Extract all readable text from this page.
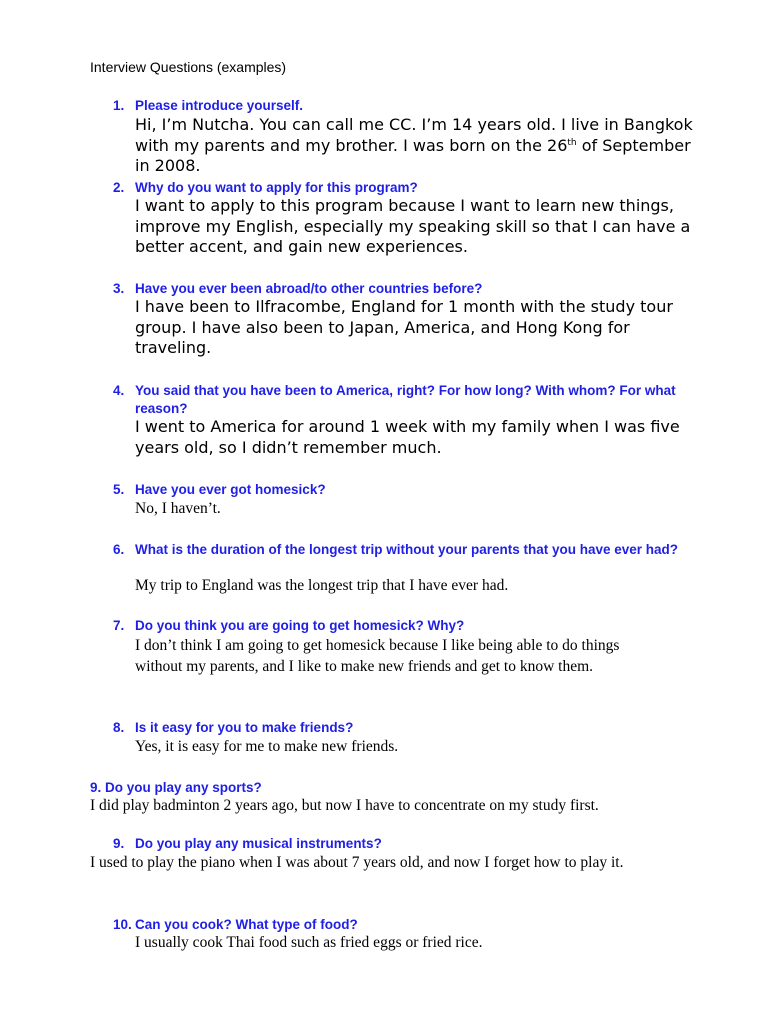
Interview Questions (examples)
1. Please introduce yourself.
Hi, I’m Nutcha. You can call me CC. I’m 14 years old. I live in Bangkok with my parents and my brother. I was born on the 26th of September in 2008.
2. Why do you want to apply for this program?
I want to apply to this program because I want to learn new things, improve my English, especially my speaking skill so that I can have a better accent, and gain new experiences.
3. Have you ever been abroad/to other countries before?
I have been to Ilfracombe, England for 1 month with the study tour group. I have also been to Japan, America, and Hong Kong for traveling.
4. You said that you have been to America, right? For how long? With whom? For what reason?
I went to America for around 1 week with my family when I was five years old, so I didn’t remember much.
5. Have you ever got homesick?
No, I haven’t.
6. What is the duration of the longest trip without your parents that you have ever had?
My trip to England was the longest trip that I have ever had.
7. Do you think you are going to get homesick? Why?
I don’t think I am going to get homesick because I like being able to do things without my parents, and I like to make new friends and get to know them.
8. Is it easy for you to make friends?
Yes, it is easy for me to make new friends.
9. Do you play any sports?
I did play badminton 2 years ago, but now I have to concentrate on my study first.
9. Do you play any musical instruments?
I used to play the piano when I was about 7 years old, and now I forget how to play it.
10. Can you cook? What type of food?
I usually cook Thai food such as fried eggs or fried rice.
